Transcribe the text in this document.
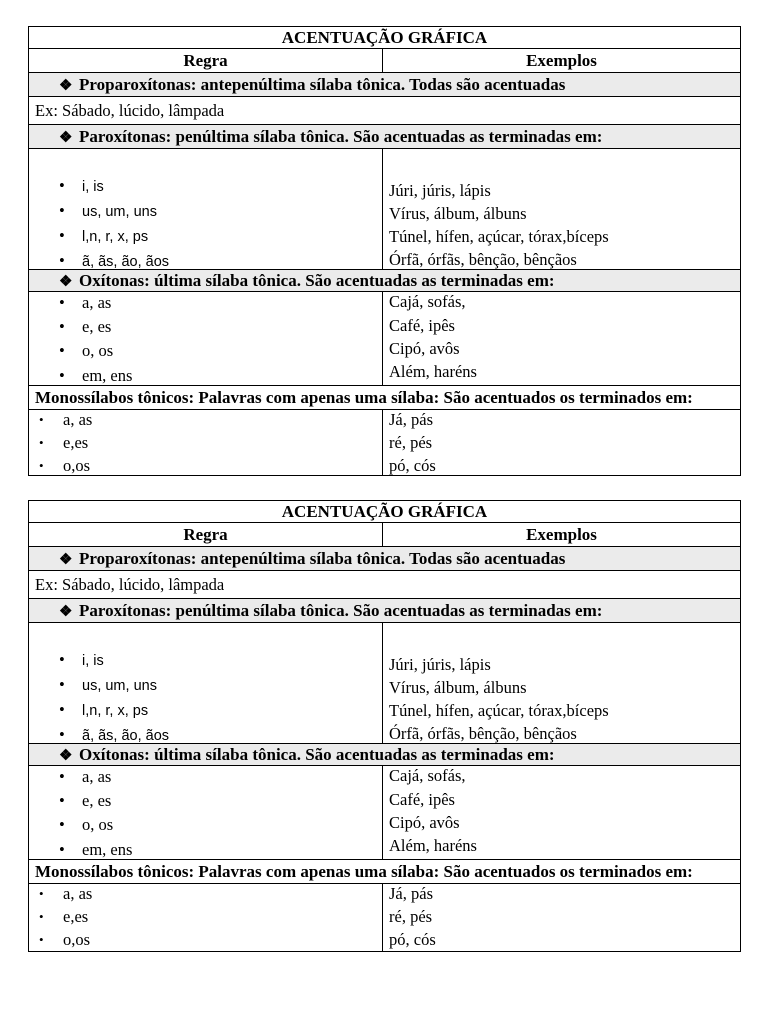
ACENTUAÇÃO GRÁFICA
Regra	Exemplos
❖ Proparoxítonas: antepenúltima sílaba tônica. Todas são acentuadas
Ex: Sábado, lúcido, lâmpada
❖ Paroxítonas: penúltima sílaba tônica. São acentuadas as terminadas em:
• i, is
• us, um, uns
• l,n, r, x, ps
• ã, ãs, ão, ãos
Júri, júris, lápis
Vírus, álbum, álbuns
Túnel, hífen, açúcar, tórax,bíceps
Órfã, órfãs, bênção, bênçãos
❖ Oxítonas: última sílaba tônica. São acentuadas as terminadas em:
• a, as
• e, es
• o, os
• em, ens
Cajá, sofás,
Café, ipês
Cipó, avôs
Além, haréns
Monossílabos tônicos: Palavras com apenas uma sílaba: São acentuados os terminados em:
• a, as
• e,es
• o,os
Já, pás
ré, pés
pó, cós
ACENTUAÇÃO GRÁFICA
Regra	Exemplos
❖ Proparoxítonas: antepenúltima sílaba tônica. Todas são acentuadas
Ex: Sábado, lúcido, lâmpada
❖ Paroxítonas: penúltima sílaba tônica. São acentuadas as terminadas em:
• i, is
• us, um, uns
• l,n, r, x, ps
• ã, ãs, ão, ãos
Júri, júris, lápis
Vírus, álbum, álbuns
Túnel, hífen, açúcar, tórax,bíceps
Órfã, órfãs, bênção, bênçãos
❖ Oxítonas: última sílaba tônica. São acentuadas as terminadas em:
• a, as
• e, es
• o, os
• em, ens
Cajá, sofás,
Café, ipês
Cipó, avôs
Além, haréns
Monossílabos tônicos: Palavras com apenas uma sílaba: São acentuados os terminados em:
• a, as
• e,es
• o,os
Já, pás
ré, pés
pó, cós
